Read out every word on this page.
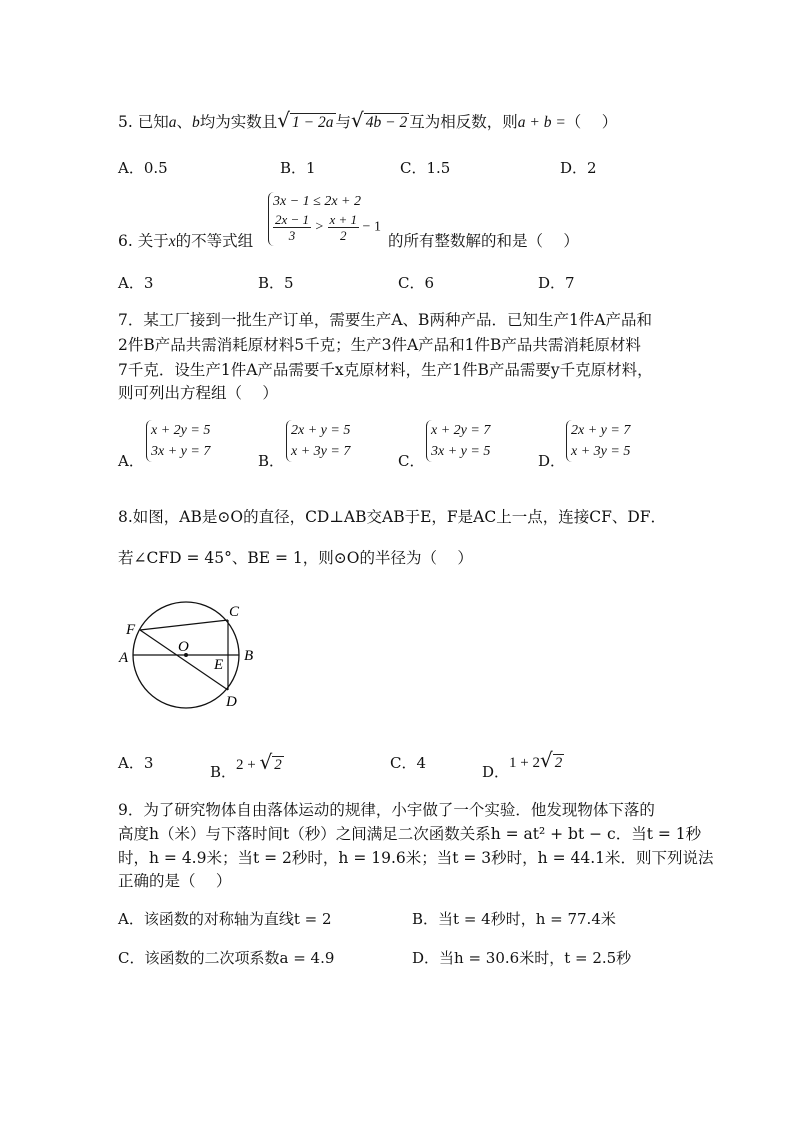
5. 已知a、b均为实数且√ 1 − 2a 与√ 4b − 2 互为相反数，则a + b =（　 ）
A．0.5	B．1	C．1.5	D．2
6. 关于x的不等式组
3x − 1 ≤ 2x + 2
$\frac{2x - 1}{3} > \frac{x + 1}{2} - 1$
的所有整数解的和是（　 ）
A．3	B．5	C．6	D．7
7．某工厂接到一批生产订单，需要生产A、B两种产品．已知生产1件A产品和
2件B产品共需消耗原材料5千克；生产3件A产品和1件B产品共需消耗原材料
7千克．设生产1件A产品需要千x克原材料，生产1件B产品需要y千克原材料，
则可列出方程组（　 ）
A．
x + 2y = 5
3x + y = 7
B．
2x + y = 5
x + 3y = 7
C．
x + 2y = 7
3x + y = 5
D．
2x + y = 7
x + 3y = 5
8.如图，AB是⊙O的直径，CD⊥AB交AB于E，F是AC上一点，连接CF、DF．
若∠CFD = 45°、BE = 1，则⊙O的半径为（　 ）
F
C
O
A	E
B
D
A．3	B．2 + √ 2	C．4	D．1 + 2√ 2
9．为了研究物体自由落体运动的规律，小宇做了一个实验．他发现物体下落的
高度h（米）与下落时间t（秒）之间满足二次函数关系h = at² + bt − c．当t = 1秒
时，h = 4.9米；当t = 2秒时，h = 19.6米；当t = 3秒时，h = 44.1米．则下列说法
正确的是（　 ）
A．该函数的对称轴为直线t = 2	B．当t = 4秒时，h = 77.4米
C．该函数的二次项系数a = 4.9	D．当h = 30.6米时，t = 2.5秒
